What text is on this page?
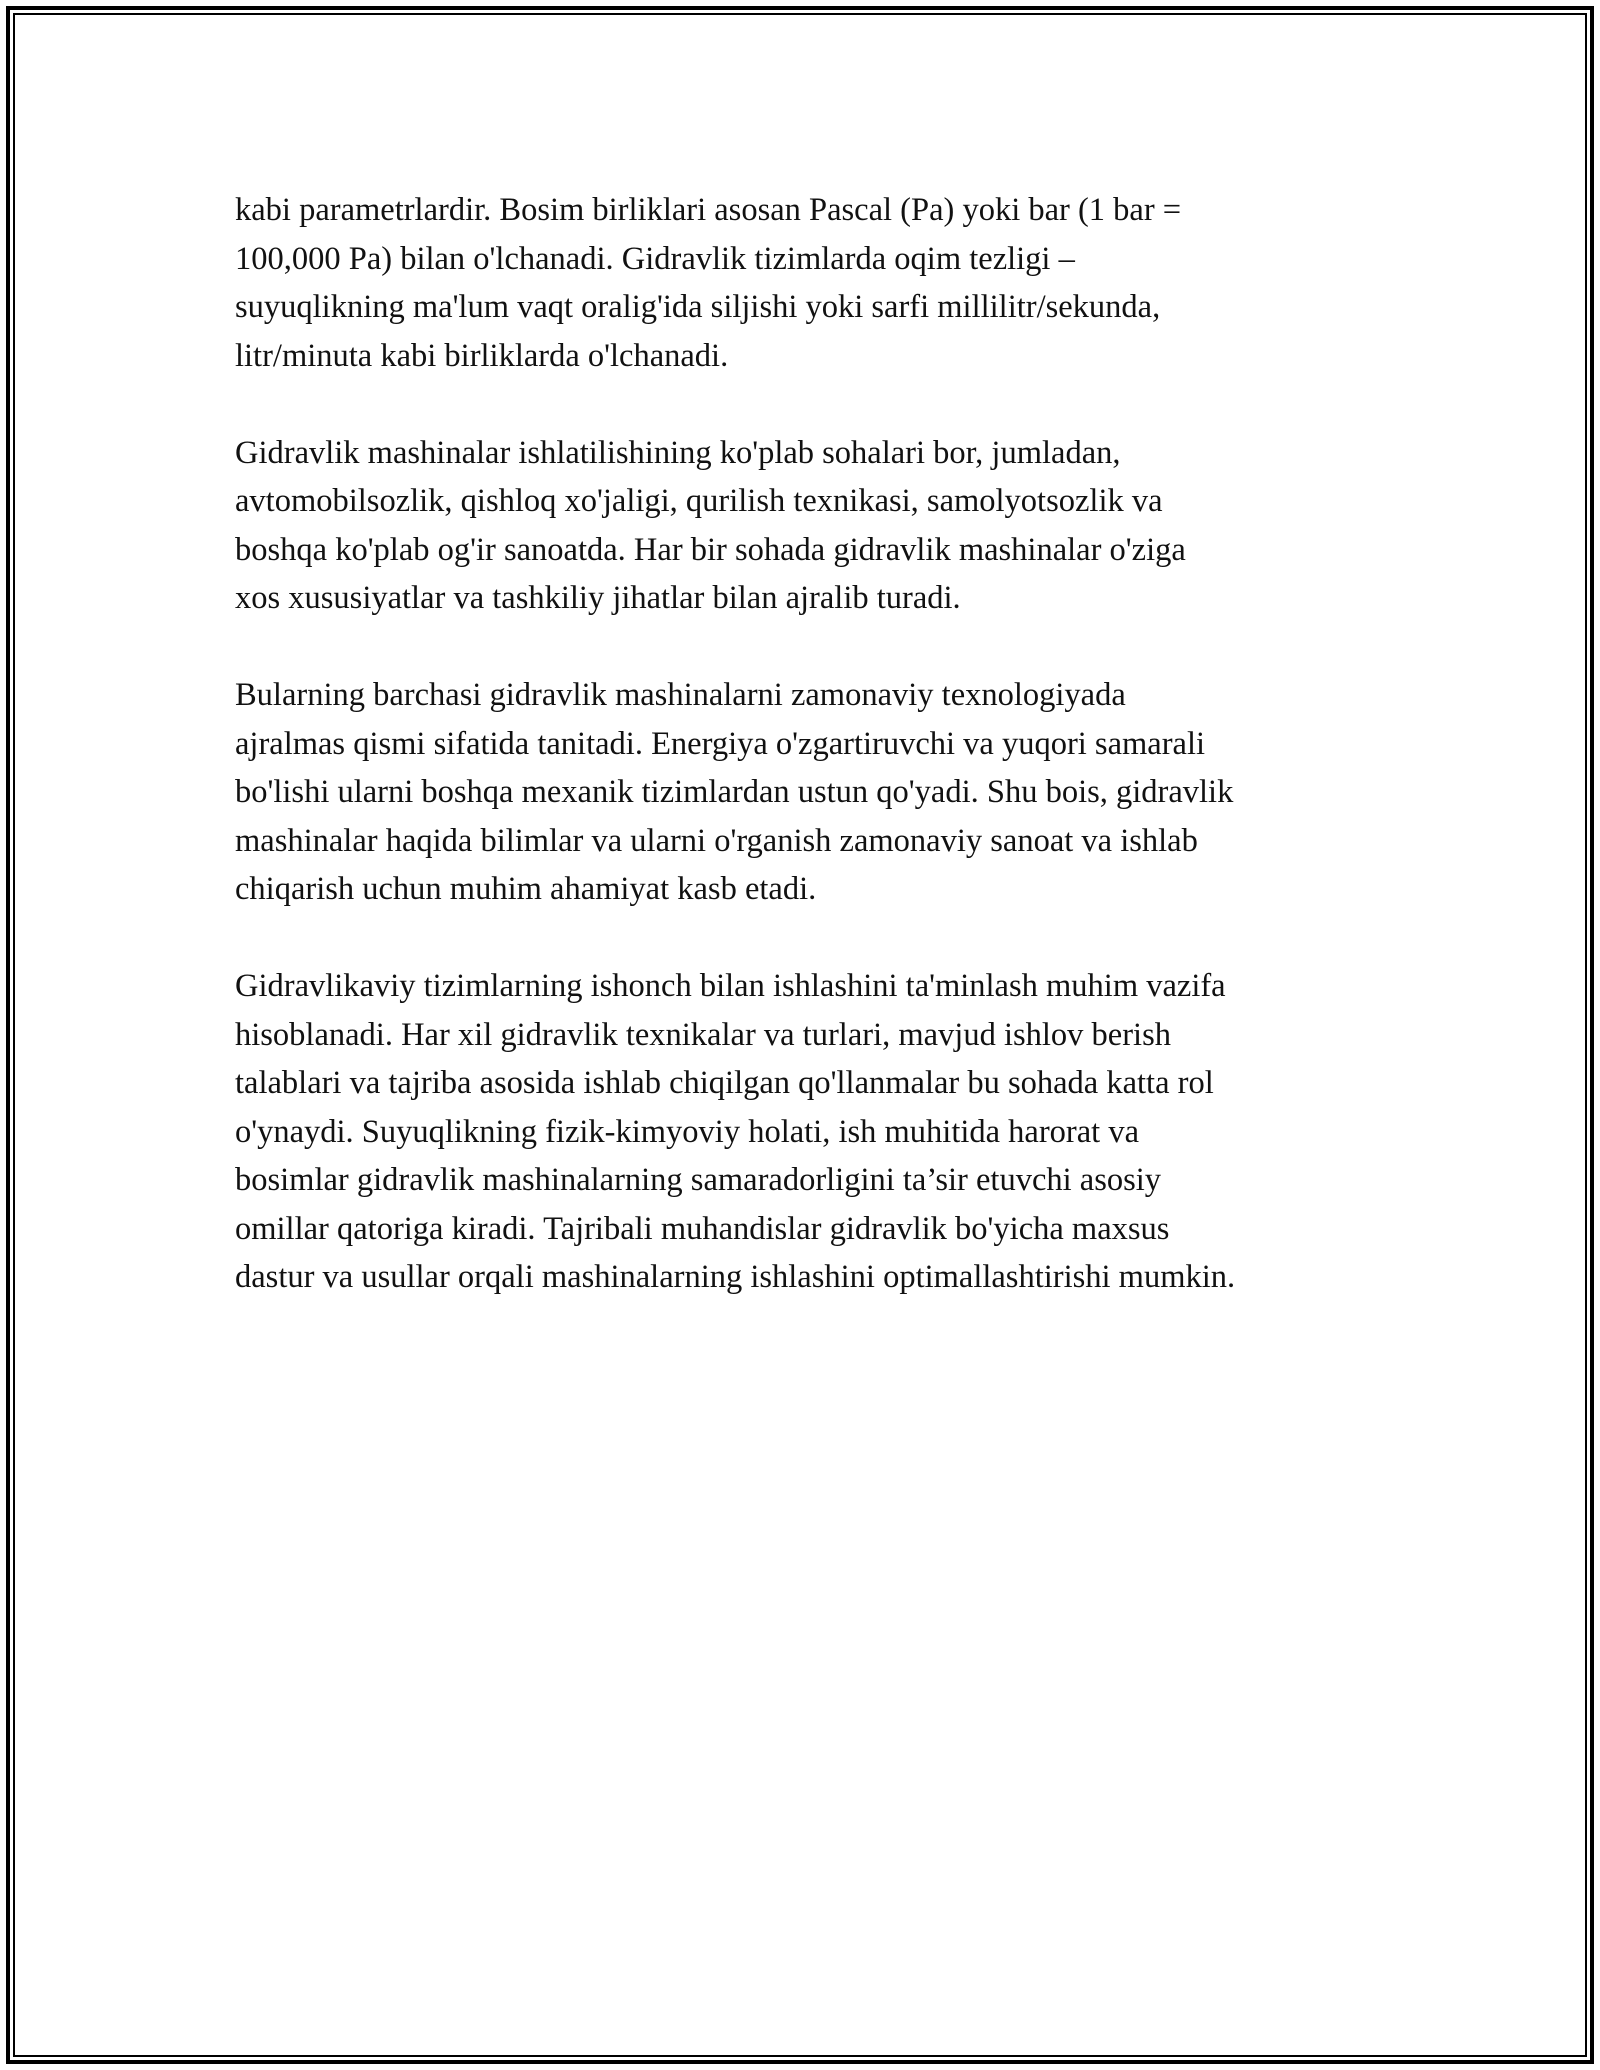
kabi parametrlardir. Bosim birliklari asosan Pascal (Pa) yoki bar (1 bar =
100,000 Pa) bilan o'lchanadi. Gidravlik tizimlarda oqim tezligi –
suyuqlikning ma'lum vaqt oralig'ida siljishi yoki sarfi millilitr/sekunda,
litr/minuta kabi birliklarda o'lchanadi.

Gidravlik mashinalar ishlatilishining ko'plab sohalari bor, jumladan,
avtomobilsozlik, qishloq xo'jaligi, qurilish texnikasi, samolyotsozlik va
boshqa ko'plab og'ir sanoatda. Har bir sohada gidravlik mashinalar o'ziga
xos xususiyatlar va tashkiliy jihatlar bilan ajralib turadi.

Bularning barchasi gidravlik mashinalarni zamonaviy texnologiyada
ajralmas qismi sifatida tanitadi. Energiya o'zgartiruvchi va yuqori samarali
bo'lishi ularni boshqa mexanik tizimlardan ustun qo'yadi. Shu bois, gidravlik
mashinalar haqida bilimlar va ularni o'rganish zamonaviy sanoat va ishlab
chiqarish uchun muhim ahamiyat kasb etadi.

Gidravlikaviy tizimlarning ishonch bilan ishlashini ta'minlash muhim vazifa
hisoblanadi. Har xil gidravlik texnikalar va turlari, mavjud ishlov berish
talablari va tajriba asosida ishlab chiqilgan qo'llanmalar bu sohada katta rol
o'ynaydi. Suyuqlikning fizik-kimyoviy holati, ish muhitida harorat va
bosimlar gidravlik mashinalarning samaradorligini ta’sir etuvchi asosiy
omillar qatoriga kiradi. Tajribali muhandislar gidravlik bo'yicha maxsus
dastur va usullar orqali mashinalarning ishlashini optimallashtirishi mumkin.
